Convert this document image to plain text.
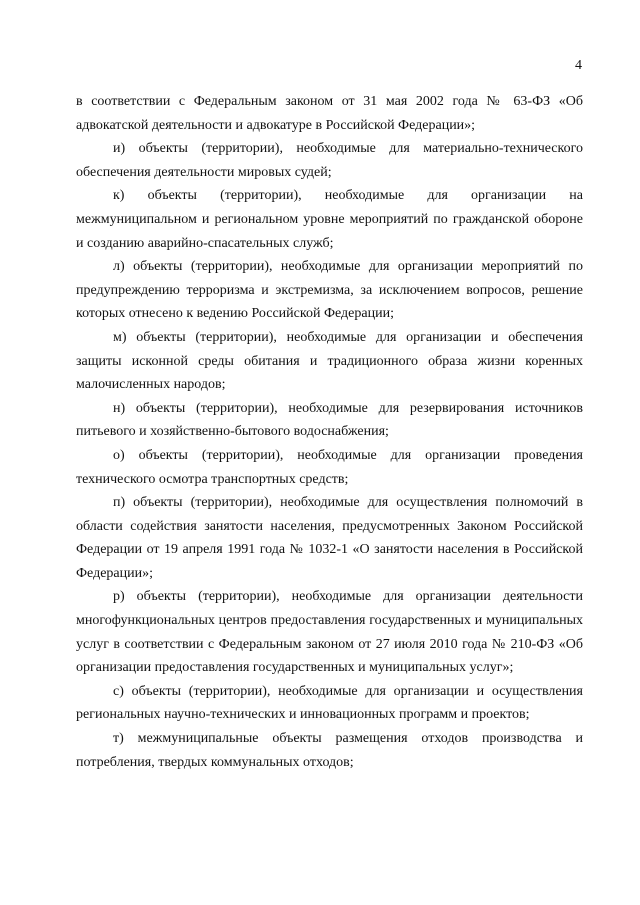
4

в соответствии с Федеральным законом от 31 мая 2002 года № 63-ФЗ «Об адвокатской деятельности и адвокатуре в Российской Федерации»;

и) объекты (территории), необходимые для материально-технического обеспечения деятельности мировых судей;

к) объекты (территории), необходимые для организации на межмуниципальном и региональном уровне мероприятий по гражданской обороне и созданию аварийно-спасательных служб;

л) объекты (территории), необходимые для организации мероприятий по предупреждению терроризма и экстремизма, за исключением вопросов, решение которых отнесено к ведению Российской Федерации;

м) объекты (территории), необходимые для организации и обеспечения защиты исконной среды обитания и традиционного образа жизни коренных малочисленных народов;

н) объекты (территории), необходимые для резервирования источников питьевого и хозяйственно-бытового водоснабжения;

о) объекты (территории), необходимые для организации проведения технического осмотра транспортных средств;

п) объекты (территории), необходимые для осуществления полномочий в области содействия занятости населения, предусмотренных Законом Российской Федерации от 19 апреля 1991 года № 1032-1 «О занятости населения в Российской Федерации»;

р) объекты (территории), необходимые для организации деятельности многофункциональных центров предоставления государственных и муниципальных услуг в соответствии с Федеральным законом от 27 июля 2010 года № 210-ФЗ «Об организации предоставления государственных и муниципальных услуг»;

с) объекты (территории), необходимые для организации и осуществления региональных научно-технических и инновационных программ и проектов;

т) межмуниципальные объекты размещения отходов производства и потребления, твердых коммунальных отходов;
